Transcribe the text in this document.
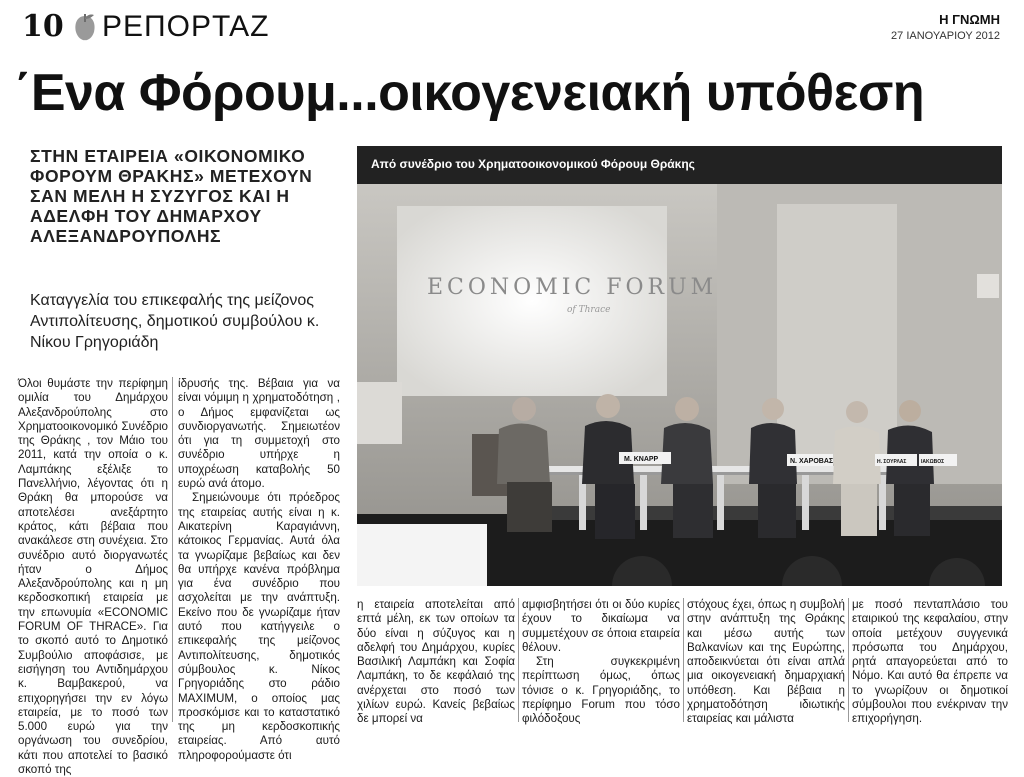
10 ΡΕΠΟΡΤΑΖ	Η ΓΝΩΜΗ
27 ΙΑΝΟΥΑΡΙΟΥ 2012
΄Ενα Φόρουμ...οικογενειακή υπόθεση
ΣΤΗΝ ΕΤΑΙΡΕΙΑ «ΟΙΚΟΝΟΜΙΚΟ ΦΟΡΟΥΜ ΘΡΑΚΗΣ» ΜΕΤΕΧΟΥΝ ΣΑΝ ΜΕΛΗ Η ΣΥΖΥΓΟΣ ΚΑΙ Η ΑΔΕΛΦΗ ΤΟΥ ΔΗΜΑΡΧΟΥ ΑΛΕΞΑΝΔΡΟΥΠΟΛΗΣ
Καταγγελία του επικεφαλής της μείζονος Αντιπολίτευσης, δημοτικού συμβούλου κ. Νίκου Γρηγοριάδη
Από συνέδριο του Χρηματοοικονομικού Φόρουμ Θράκης
ECONOMIC FORUM
of Thrace
Μ. ΚΝΑΡΡ	Ν. ΧΑΡΟΒΑΣ	Η. ΣΟΥΡΛΑΣ	ΙΑΚΩΒΟΣ

Όλοι θυμάστε την περίφημη ομιλία του Δημάρχου Αλεξανδρούπολης στο Χρηματοοικονομικό Συνέδριο της Θράκης , τον Μάιο του 2011, κατά την οποία ο κ. Λαμπάκης εξέλιξε το Πανελλήνιο, λέγοντας ότι η Θράκη θα μπορούσε να αποτελέσει ανεξάρτητο κράτος, κάτι βέβαια που ανακάλεσε στη συνέχεια. Στο συνέδριο αυτό διοργανωτές ήταν ο Δήμος Αλεξανδρούπολης και η μη κερδοσκοπική εταιρεία με την επωνυμία «ECONOMIC FORUM OF THRACE». Για το σκοπό αυτό το Δημοτικό Συμβούλιο αποφάσισε, με εισήγηση του Αντιδημάρχου κ. Βαμβακερού, να επιχορηγήσει την εν λόγω εταιρεία, με το ποσό των 5.000 ευρώ για την οργάνωση του συνεδρίου, κάτι που αποτελεί το βασικό σκοπό της

ίδρυσής της. Βέβαια για να είναι νόμιμη η χρηματοδότηση , ο Δήμος εμφανίζεται ως συνδιοργανωτής. Σημειωτέον ότι για τη συμμετοχή στο συνέδριο υπήρχε η υποχρέωση καταβολής 50 ευρώ ανά άτομο.

Σημειώνουμε ότι πρόεδρος της εταιρείας αυτής είναι η κ. Αικατερίνη Καραγιάννη, κάτοικος Γερμανίας. Αυτά όλα τα γνωρίζαμε βεβαίως και δεν θα υπήρχε κανένα πρόβλημα για ένα συνέδριο που ασχολείται με την ανάπτυξη. Εκείνο που δε γνωρίζαμε ήταν αυτό που κατήγγειλε ο επικεφαλής της μείζονος Αντιπολίτευσης, δημοτικός σύμβουλος κ. Νίκος Γρηγοριάδης στο ράδιο MAXIMUM, ο οποίος μας προσκόμισε και το καταστατικό της μη κερδοσκοπικής εταιρείας. Από αυτό πληροφορούμαστε ότι

η εταιρεία αποτελείται από επτά μέλη, εκ των οποίων τα δύο είναι η σύζυγος και η αδελφή του Δημάρχου, κυρίες Βασιλική Λαμπάκη και Σοφία Λαμπάκη, το δε κεφάλαιό της ανέρχεται στο ποσό των χιλίων ευρώ. Κανείς βεβαίως δε μπορεί να

αμφισβητήσει ότι οι δύο κυρίες έχουν το δικαίωμα να συμμετέχουν σε όποια εταιρεία θέλουν.

Στη συγκεκριμένη περίπτωση όμως, όπως τόνισε ο κ. Γρηγοριάδης, το περίφημο Forum που τόσο φιλόδοξους

στόχους έχει, όπως η συμβολή στην ανάπτυξη της Θράκης και μέσω αυτής των Βαλκανίων και της Ευρώπης, αποδεικνύεται ότι είναι απλά μια οικογενειακή δημαρχιακή υπόθεση. Και βέβαια η χρηματοδότηση ιδιωτικής εταιρείας και μάλιστα

με ποσό πενταπλάσιο του εταιρικού της κεφαλαίου, στην οποία μετέχουν συγγενικά πρόσωπα του Δημάρχου, ρητά απαγορεύεται από το Νόμο. Και αυτό θα έπρεπε να το γνωρίζουν οι δημοτικοί σύμβουλοι που ενέκριναν την επιχορήγηση.
